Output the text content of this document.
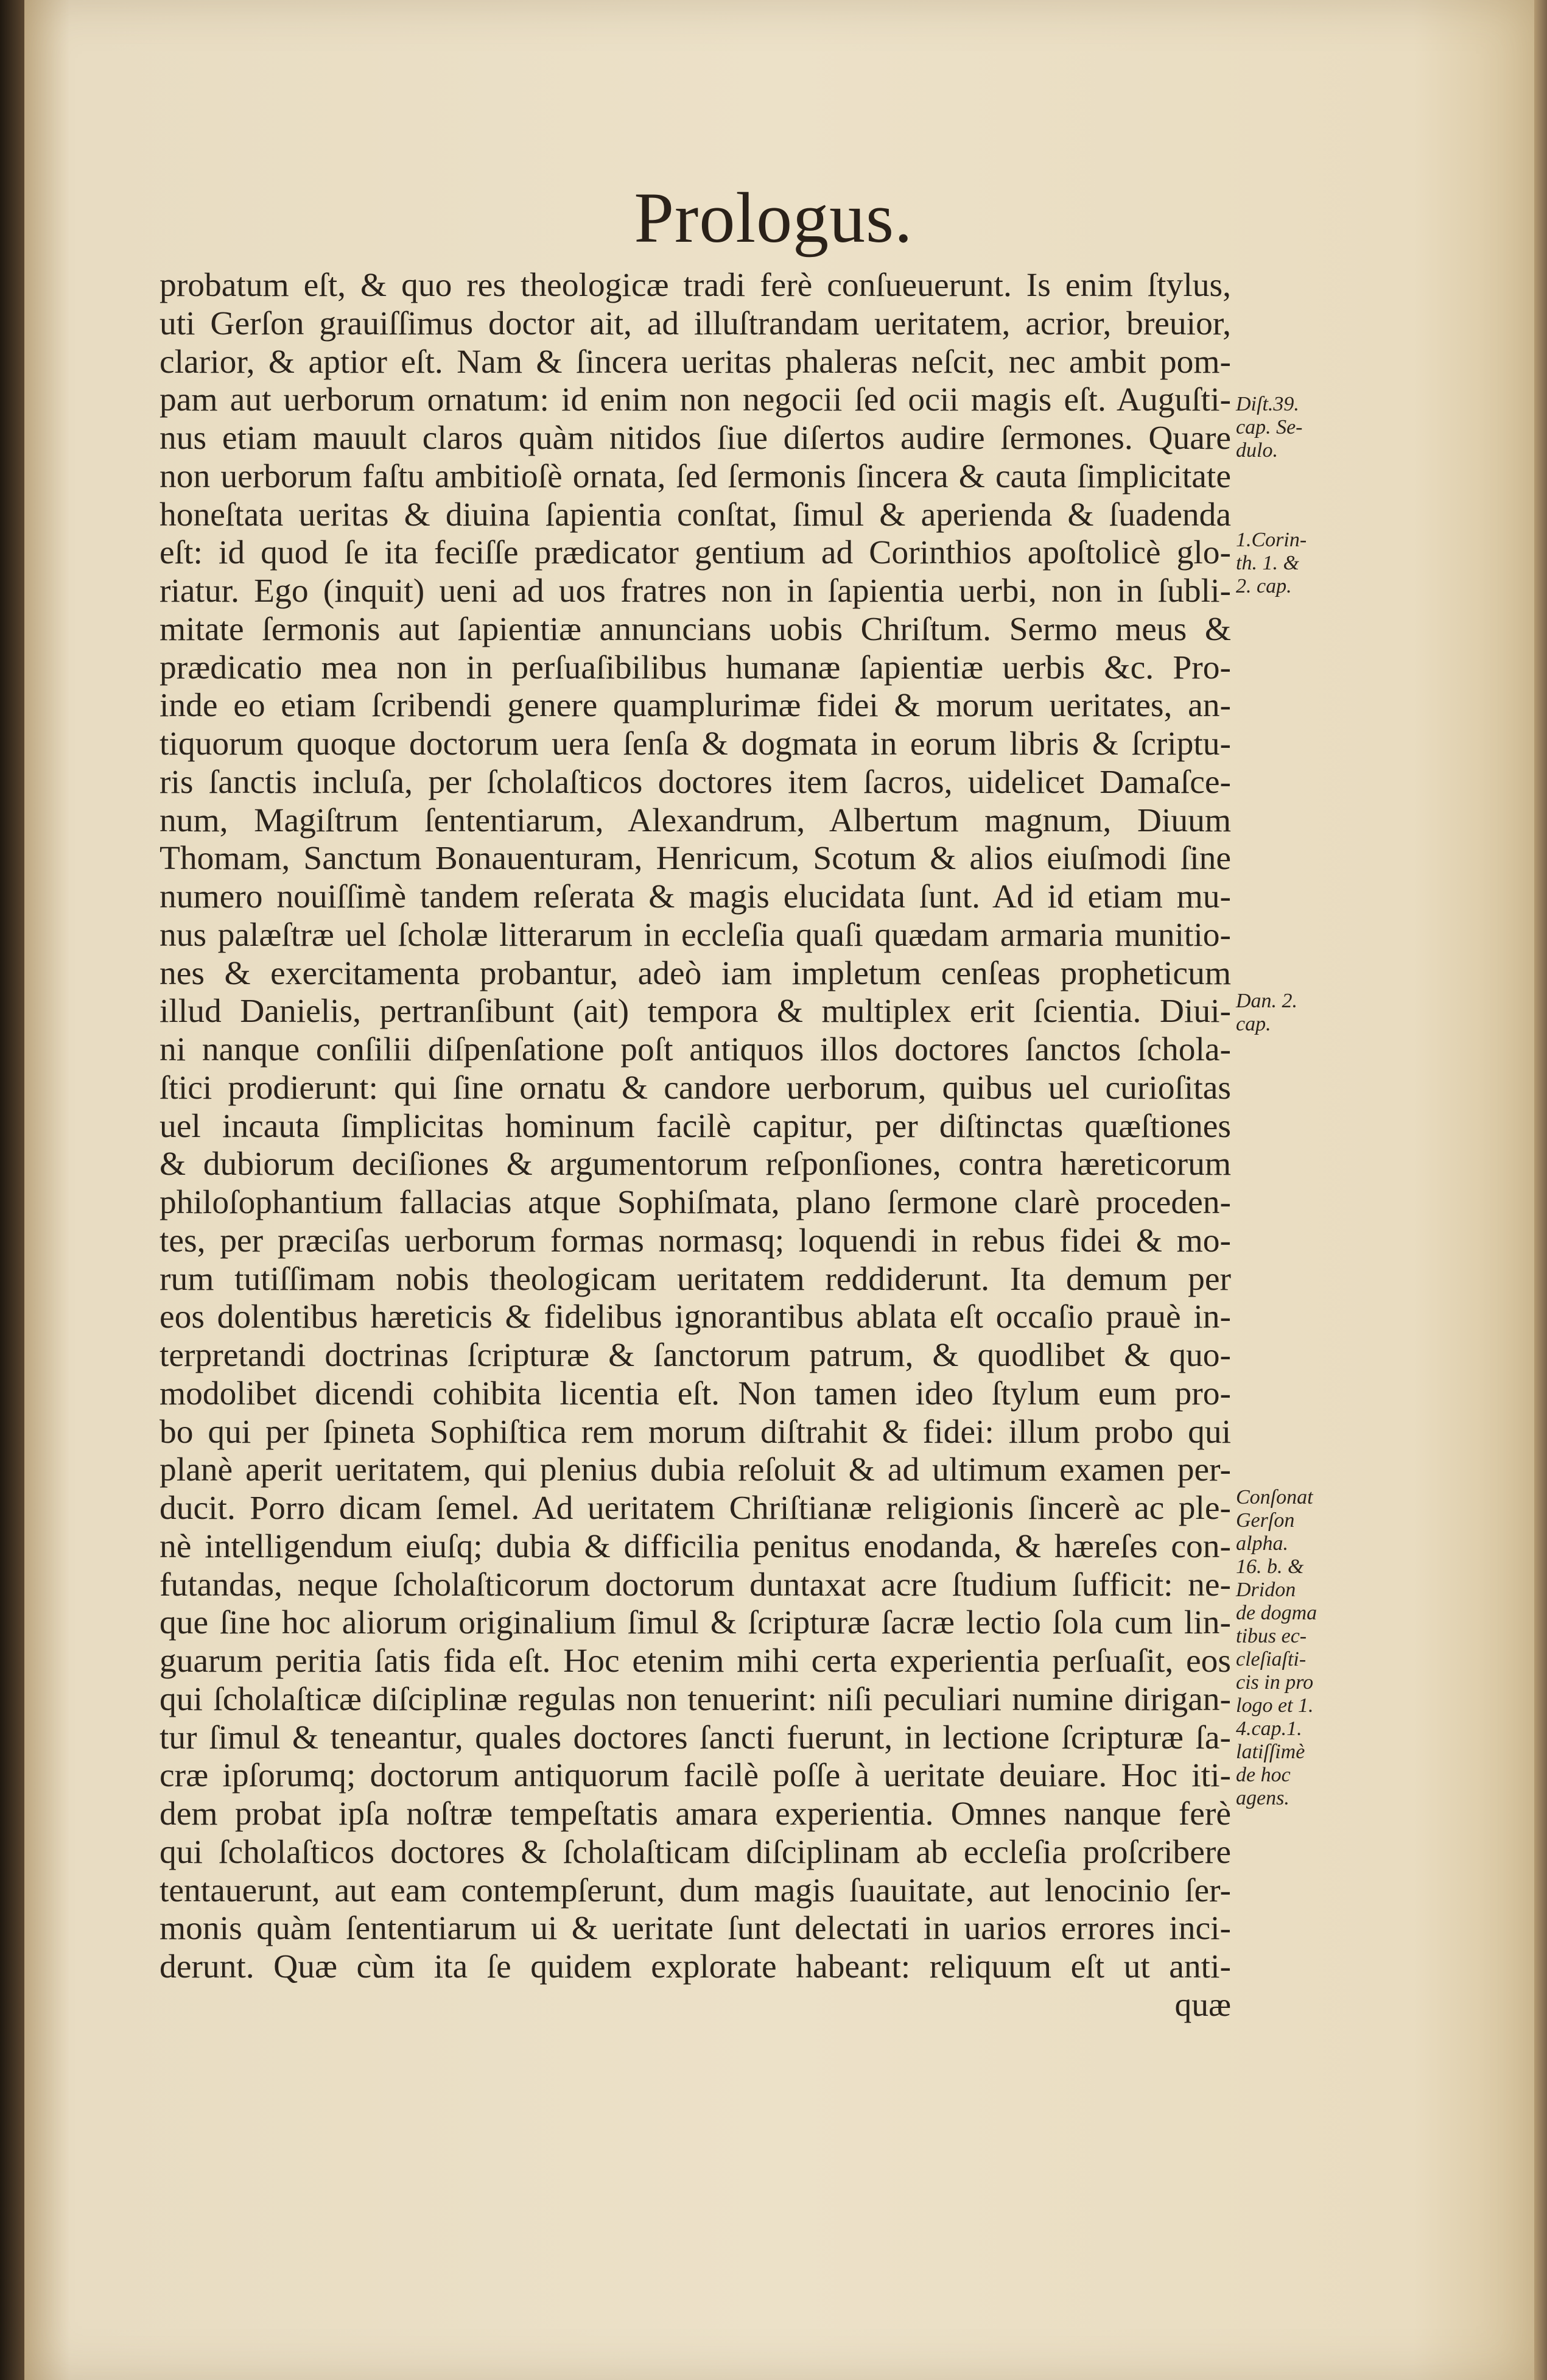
Prologus.
probatum eſt, & quo res theologicæ tradi ferè conſueuerunt. Is enim ſtylus,
uti Gerſon grauiſſimus doctor ait, ad illuſtrandam ueritatem, acrior, breuior,
clarior, & aptior eſt. Nam & ſincera ueritas phaleras neſcit, nec ambit pom-
pam aut uerborum ornatum: id enim non negocii ſed ocii magis eſt. Auguſti-
nus etiam mauult claros quàm nitidos ſiue diſertos audire ſermones. Quare
non uerborum faſtu ambitioſè ornata, ſed ſermonis ſincera & cauta ſimplicitate
honeſtata ueritas & diuina ſapientia conſtat, ſimul & aperienda & ſuadenda
eſt: id quod ſe ita feciſſe prædicator gentium ad Corinthios apoſtolicè glo-
riatur. Ego (inquit) ueni ad uos fratres non in ſapientia uerbi, non in ſubli-
mitate ſermonis aut ſapientiæ annuncians uobis Chriſtum. Sermo meus &
prædicatio mea non in perſuaſibilibus humanæ ſapientiæ uerbis &c. Pro-
inde eo etiam ſcribendi genere quamplurimæ fidei & morum ueritates, an-
tiquorum quoque doctorum uera ſenſa & dogmata in eorum libris & ſcriptu-
ris ſanctis incluſa, per ſcholaſticos doctores item ſacros, uidelicet Damaſce-
num, Magiſtrum ſententiarum, Alexandrum, Albertum magnum, Diuum
Thomam, Sanctum Bonauenturam, Henricum, Scotum & alios eiuſmodi ſine
numero nouiſſimè tandem reſerata & magis elucidata ſunt. Ad id etiam mu-
nus palæſtræ uel ſcholæ litterarum in eccleſia quaſi quædam armaria munitio-
nes & exercitamenta probantur, adeò iam impletum cenſeas propheticum
illud Danielis, pertranſibunt (ait) tempora & multiplex erit ſcientia. Diui-
ni nanque conſilii diſpenſatione poſt antiquos illos doctores ſanctos ſchola-
ſtici prodierunt: qui ſine ornatu & candore uerborum, quibus uel curioſitas
uel incauta ſimplicitas hominum facilè capitur, per diſtinctas quæſtiones
& dubiorum deciſiones & argumentorum reſponſiones, contra hæreticorum
philoſophantium fallacias atque Sophiſmata, plano ſermone clarè proceden-
tes, per præciſas uerborum formas normasq; loquendi in rebus fidei & mo-
rum tutiſſimam nobis theologicam ueritatem reddiderunt. Ita demum per
eos dolentibus hæreticis & fidelibus ignorantibus ablata eſt occaſio prauè in-
terpretandi doctrinas ſcripturæ & ſanctorum patrum, & quodlibet & quo-
modolibet dicendi cohibita licentia eſt. Non tamen ideo ſtylum eum pro-
bo qui per ſpineta Sophiſtica rem morum diſtrahit & fidei: illum probo qui
planè aperit ueritatem, qui plenius dubia reſoluit & ad ultimum examen per-
ducit. Porro dicam ſemel. Ad ueritatem Chriſtianæ religionis ſincerè ac ple-
nè intelligendum eiuſq; dubia & difficilia penitus enodanda, & hæreſes con-
futandas, neque ſcholaſticorum doctorum duntaxat acre ſtudium ſufficit: ne-
que ſine hoc aliorum originalium ſimul & ſcripturæ ſacræ lectio ſola cum lin-
guarum peritia ſatis fida eſt. Hoc etenim mihi certa experientia perſuaſit, eos
qui ſcholaſticæ diſciplinæ regulas non tenuerint: niſi peculiari numine dirigan-
tur ſimul & teneantur, quales doctores ſancti fuerunt, in lectione ſcripturæ ſa-
cræ ipſorumq; doctorum antiquorum facilè poſſe à ueritate deuiare. Hoc iti-
dem probat ipſa noſtræ tempeſtatis amara experientia. Omnes nanque ferè
qui ſcholaſticos doctores & ſcholaſticam diſciplinam ab eccleſia proſcribere
tentauerunt, aut eam contempſerunt, dum magis ſuauitate, aut lenocinio ſer-
monis quàm ſententiarum ui & ueritate ſunt delectati in uarios errores inci-
derunt. Quæ cùm ita ſe quidem explorate habeant: reliquum eſt ut anti-
quæ
Diſt.39.
cap. Se-
dulo.
1.Corin-
th. 1. &
2. cap.
Dan. 2.
cap.
Conſonat
Gerſon
alpha.
16. b. &
Dridon
de dogma
tibus ec-
cleſiaſti-
cis in pro
logo et 1.
4.cap.1.
latiſſimè
de hoc
agens.
